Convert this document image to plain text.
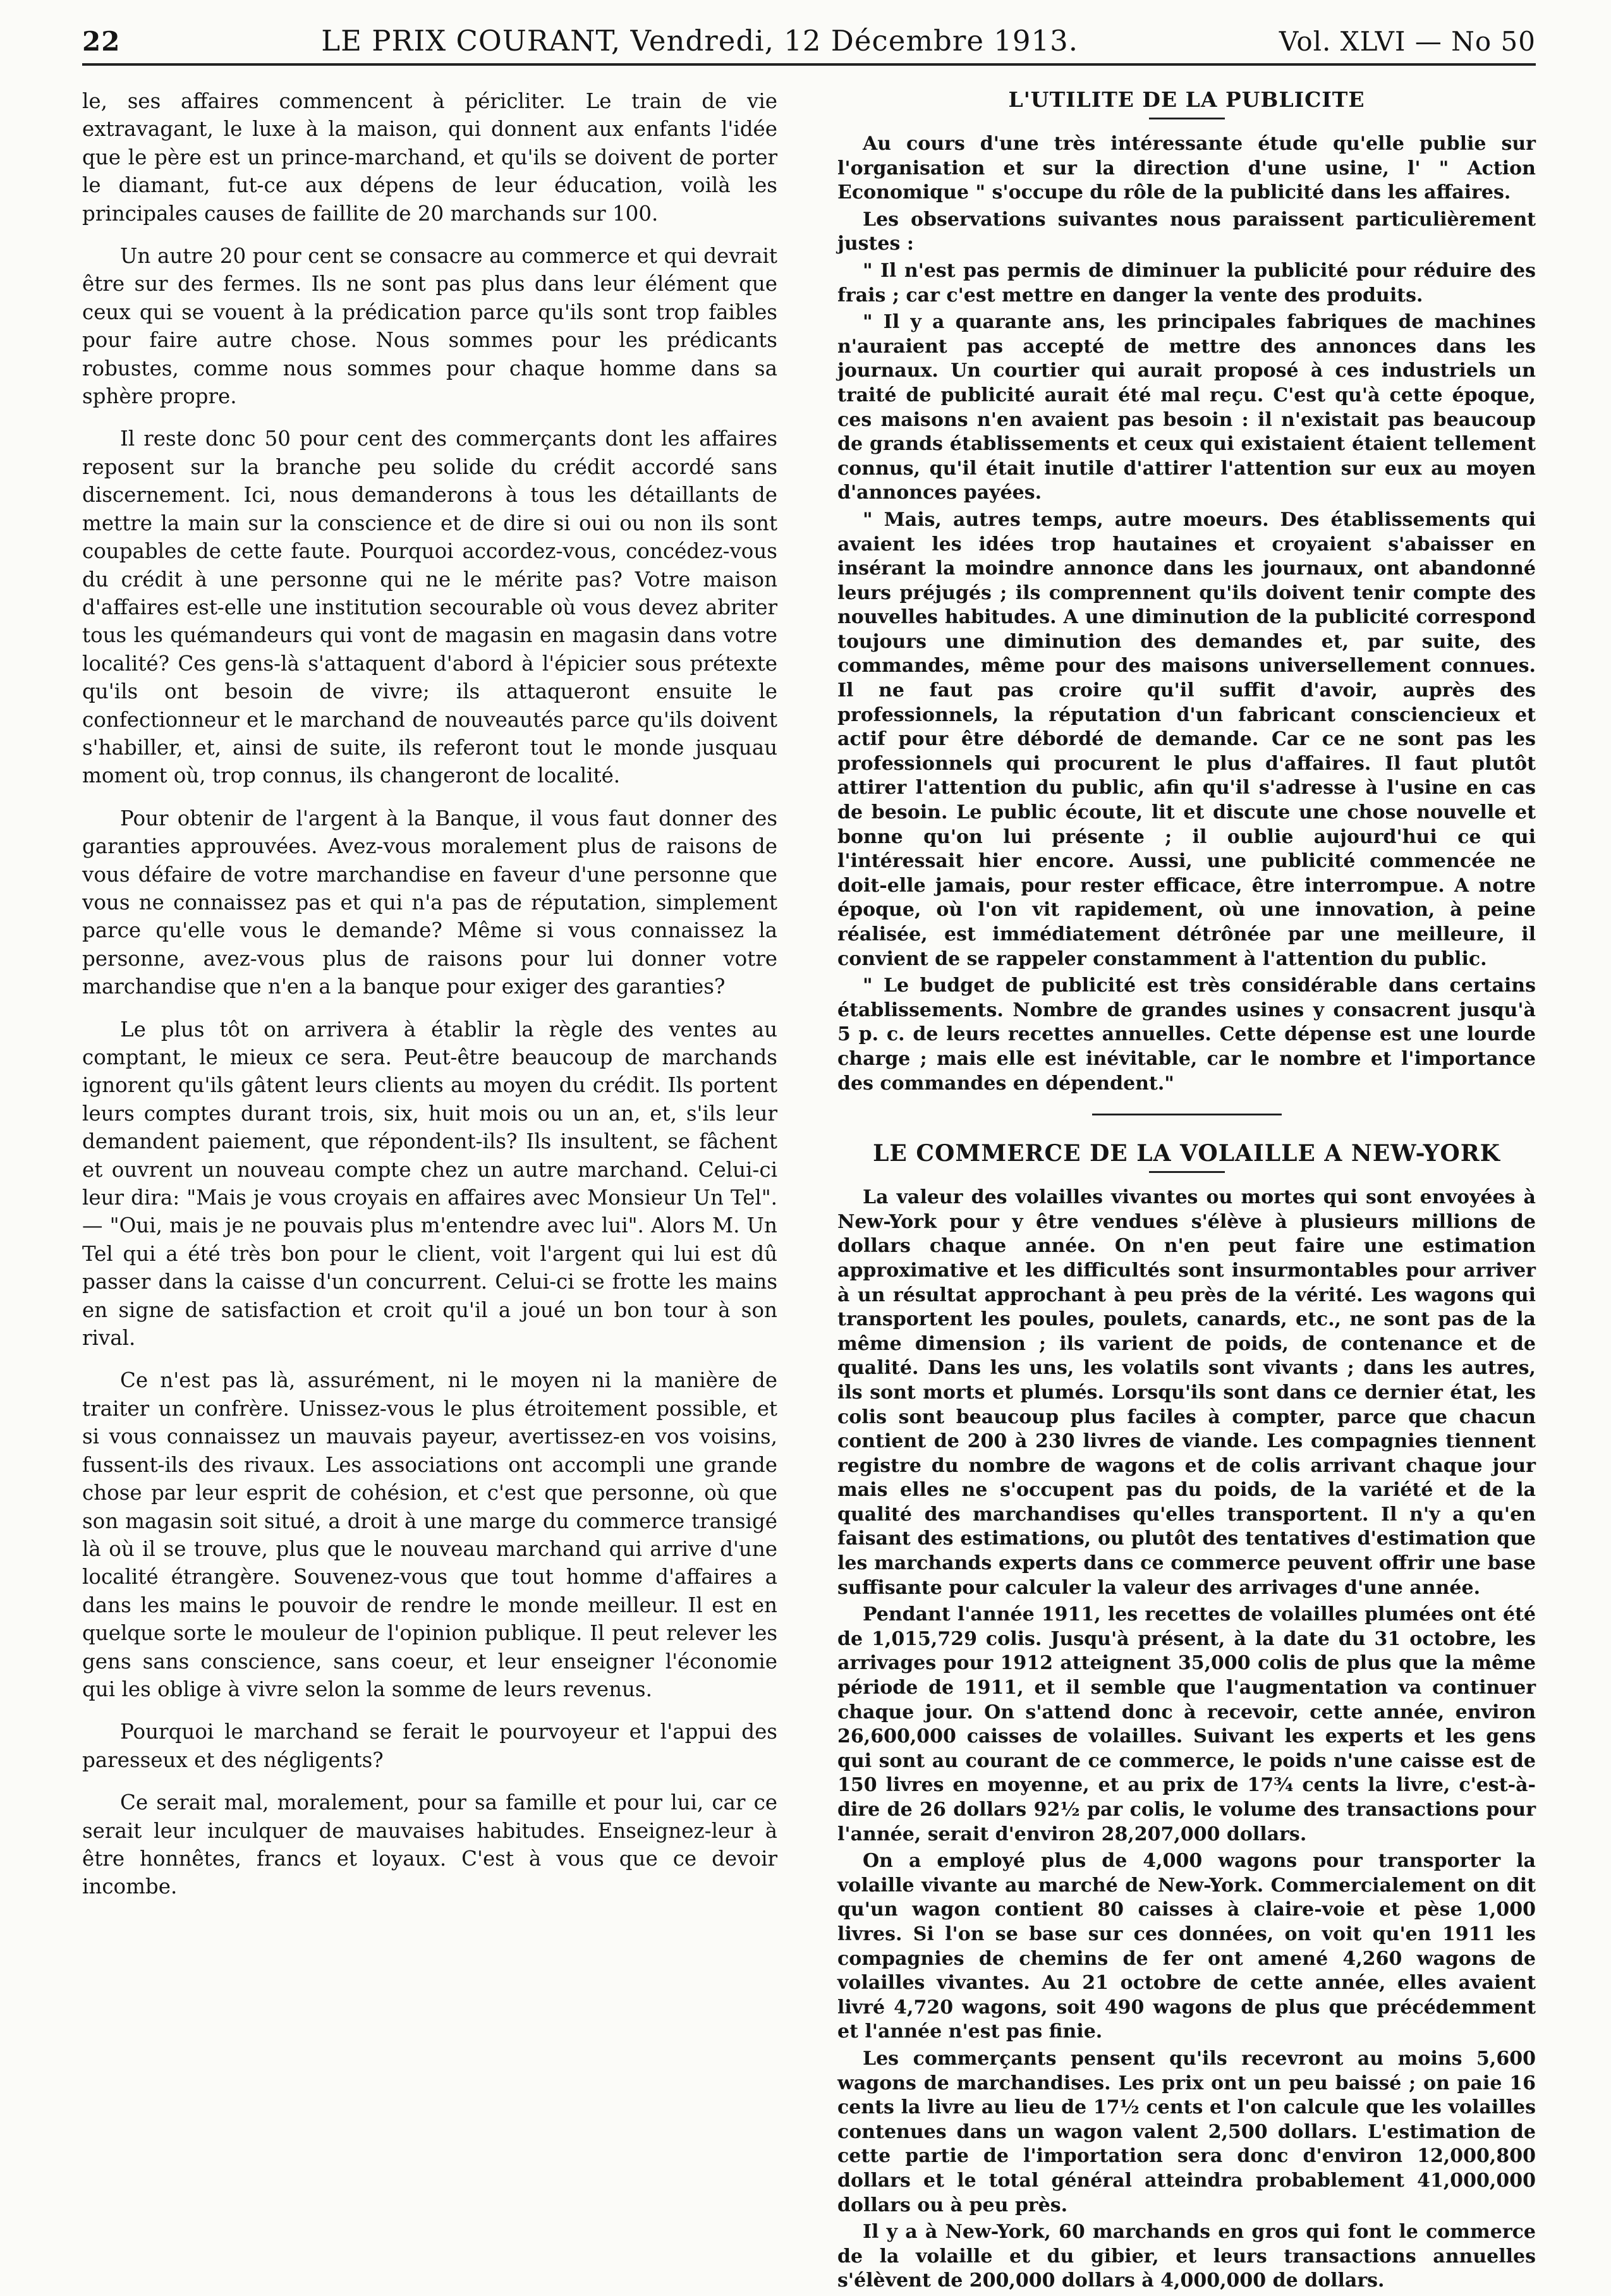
22	LE PRIX COURANT, Vendredi, 12 Décembre 1913.	Vol. XLVI — No 50

le, ses affaires commencent à péricliter. Le train de vie extravagant, le luxe à la maison, qui donnent aux enfants l'idée que le père est un prince-marchand, et qu'ils se doivent de porter le diamant, fut-ce aux dépens de leur éducation, voilà les principales causes de faillite de 20 marchands sur 100.

Un autre 20 pour cent se consacre au commerce et qui devrait être sur des fermes. Ils ne sont pas plus dans leur élément que ceux qui se vouent à la prédication parce qu'ils sont trop faibles pour faire autre chose. Nous sommes pour les prédicants robustes, comme nous sommes pour chaque homme dans sa sphère propre.

Il reste donc 50 pour cent des commerçants dont les affaires reposent sur la branche peu solide du crédit accordé sans discernement. Ici, nous demanderons à tous les détaillants de mettre la main sur la conscience et de dire si oui ou non ils sont coupables de cette faute. Pourquoi accordez-vous, concédez-vous du crédit à une personne qui ne le mérite pas? Votre maison d'affaires est-elle une institution secourable où vous devez abriter tous les quémandeurs qui vont de magasin en magasin dans votre localité? Ces gens-là s'attaquent d'abord à l'épicier sous prétexte qu'ils ont besoin de vivre; ils attaqueront ensuite le confectionneur et le marchand de nouveautés parce qu'ils doivent s'habiller, et, ainsi de suite, ils referont tout le monde jusquau moment où, trop connus, ils changeront de localité.

Pour obtenir de l'argent à la Banque, il vous faut donner des garanties approuvées. Avez-vous moralement plus de raisons de vous défaire de votre marchandise en faveur d'une personne que vous ne connaissez pas et qui n'a pas de réputation, simplement parce qu'elle vous le demande? Même si vous connaissez la personne, avez-vous plus de raisons pour lui donner votre marchandise que n'en a la banque pour exiger des garanties?

Le plus tôt on arrivera à établir la règle des ventes au comptant, le mieux ce sera. Peut-être beaucoup de marchands ignorent qu'ils gâtent leurs clients au moyen du crédit. Ils portent leurs comptes durant trois, six, huit mois ou un an, et, s'ils leur demandent paiement, que répondent-ils? Ils insultent, se fâchent et ouvrent un nouveau compte chez un autre marchand. Celui-ci leur dira: "Mais je vous croyais en affaires avec Monsieur Un Tel". — "Oui, mais je ne pouvais plus m'entendre avec lui". Alors M. Un Tel qui a été très bon pour le client, voit l'argent qui lui est dû passer dans la caisse d'un concurrent. Celui-ci se frotte les mains en signe de satisfaction et croit qu'il a joué un bon tour à son rival.

Ce n'est pas là, assurément, ni le moyen ni la manière de traiter un confrère. Unissez-vous le plus étroitement possible, et si vous connaissez un mauvais payeur, avertissez-en vos voisins, fussent-ils des rivaux. Les associations ont accompli une grande chose par leur esprit de cohésion, et c'est que personne, où que son magasin soit situé, a droit à une marge du commerce transigé là où il se trouve, plus que le nouveau marchand qui arrive d'une localité étrangère. Souvenez-vous que tout homme d'affaires a dans les mains le pouvoir de rendre le monde meilleur. Il est en quelque sorte le mouleur de l'opinion publique. Il peut relever les gens sans conscience, sans coeur, et leur enseigner l'économie qui les oblige à vivre selon la somme de leurs revenus.

Pourquoi le marchand se ferait le pourvoyeur et l'appui des paresseux et des négligents?

Ce serait mal, moralement, pour sa famille et pour lui, car ce serait leur inculquer de mauvaises habitudes. Enseignez-leur à être honnêtes, francs et loyaux. C'est à vous que ce devoir incombe.

L'UTILITE DE LA PUBLICITE

Au cours d'une très intéressante étude qu'elle publie sur l'organisation et sur la direction d'une usine, l' " Action Economique " s'occupe du rôle de la publicité dans les affaires.

Les observations suivantes nous paraissent particulièrement justes :

" Il n'est pas permis de diminuer la publicité pour réduire des frais ; car c'est mettre en danger la vente des produits.

" Il y a quarante ans, les principales fabriques de machines n'auraient pas accepté de mettre des annonces dans les journaux. Un courtier qui aurait proposé à ces industriels un traité de publicité aurait été mal reçu. C'est qu'à cette époque, ces maisons n'en avaient pas besoin : il n'existait pas beaucoup de grands établissements et ceux qui existaient étaient tellement connus, qu'il était inutile d'attirer l'attention sur eux au moyen d'annonces payées.

" Mais, autres temps, autre moeurs. Des établissements qui avaient les idées trop hautaines et croyaient s'abaisser en insérant la moindre annonce dans les journaux, ont abandonné leurs préjugés ; ils comprennent qu'ils doivent tenir compte des nouvelles habitudes. A une diminution de la publicité correspond toujours une diminution des demandes et, par suite, des commandes, même pour des maisons universellement connues. Il ne faut pas croire qu'il suffit d'avoir, auprès des professionnels, la réputation d'un fabricant consciencieux et actif pour être débordé de demande. Car ce ne sont pas les professionnels qui procurent le plus d'affaires. Il faut plutôt attirer l'attention du public, afin qu'il s'adresse à l'usine en cas de besoin. Le public écoute, lit et discute une chose nouvelle et bonne qu'on lui présente ; il oublie aujourd'hui ce qui l'intéressait hier encore. Aussi, une publicité commencée ne doit-elle jamais, pour rester efficace, être interrompue. A notre époque, où l'on vit rapidement, où une innovation, à peine réalisée, est immédiatement détrônée par une meilleure, il convient de se rappeler constamment à l'attention du public.

" Le budget de publicité est très considérable dans certains établissements. Nombre de grandes usines y consacrent jusqu'à 5 p. c. de leurs recettes annuelles. Cette dépense est une lourde charge ; mais elle est inévitable, car le nombre et l'importance des commandes en dépendent."

LE COMMERCE DE LA VOLAILLE A NEW-YORK

La valeur des volailles vivantes ou mortes qui sont envoyées à New-York pour y être vendues s'élève à plusieurs millions de dollars chaque année. On n'en peut faire une estimation approximative et les difficultés sont insurmontables pour arriver à un résultat approchant à peu près de la vérité. Les wagons qui transportent les poules, poulets, canards, etc., ne sont pas de la même dimension ; ils varient de poids, de contenance et de qualité. Dans les uns, les volatils sont vivants ; dans les autres, ils sont morts et plumés. Lorsqu'ils sont dans ce dernier état, les colis sont beaucoup plus faciles à compter, parce que chacun contient de 200 à 230 livres de viande. Les compagnies tiennent registre du nombre de wagons et de colis arrivant chaque jour mais elles ne s'occupent pas du poids, de la variété et de la qualité des marchandises qu'elles transportent. Il n'y a qu'en faisant des estimations, ou plutôt des tentatives d'estimation que les marchands experts dans ce commerce peuvent offrir une base suffisante pour calculer la valeur des arrivages d'une année.

Pendant l'année 1911, les recettes de volailles plumées ont été de 1,015,729 colis. Jusqu'à présent, à la date du 31 octobre, les arrivages pour 1912 atteignent 35,000 colis de plus que la même période de 1911, et il semble que l'augmentation va continuer chaque jour. On s'attend donc à recevoir, cette année, environ 26,600,000 caisses de volailles. Suivant les experts et les gens qui sont au courant de ce commerce, le poids n'une caisse est de 150 livres en moyenne, et au prix de 17¾ cents la livre, c'est-à-dire de 26 dollars 92½ par colis, le volume des transactions pour l'année, serait d'environ 28,207,000 dollars.

On a employé plus de 4,000 wagons pour transporter la volaille vivante au marché de New-York. Commercialement on dit qu'un wagon contient 80 caisses à claire-voie et pèse 1,000 livres. Si l'on se base sur ces données, on voit qu'en 1911 les compagnies de chemins de fer ont amené 4,260 wagons de volailles vivantes. Au 21 octobre de cette année, elles avaient livré 4,720 wagons, soit 490 wagons de plus que précédemment et l'année n'est pas finie.

Les commerçants pensent qu'ils recevront au moins 5,600 wagons de marchandises. Les prix ont un peu baissé ; on paie 16 cents la livre au lieu de 17½ cents et l'on calcule que les volailles contenues dans un wagon valent 2,500 dollars. L'estimation de cette partie de l'importation sera donc d'environ 12,000,800 dollars et le total général atteindra probablement 41,000,000 dollars ou à peu près.

Il y a à New-York, 60 marchands en gros qui font le commerce de la volaille et du gibier, et leurs transactions annuelles s'élèvent de 200,000 dollars à 4,000,000 de dollars.
